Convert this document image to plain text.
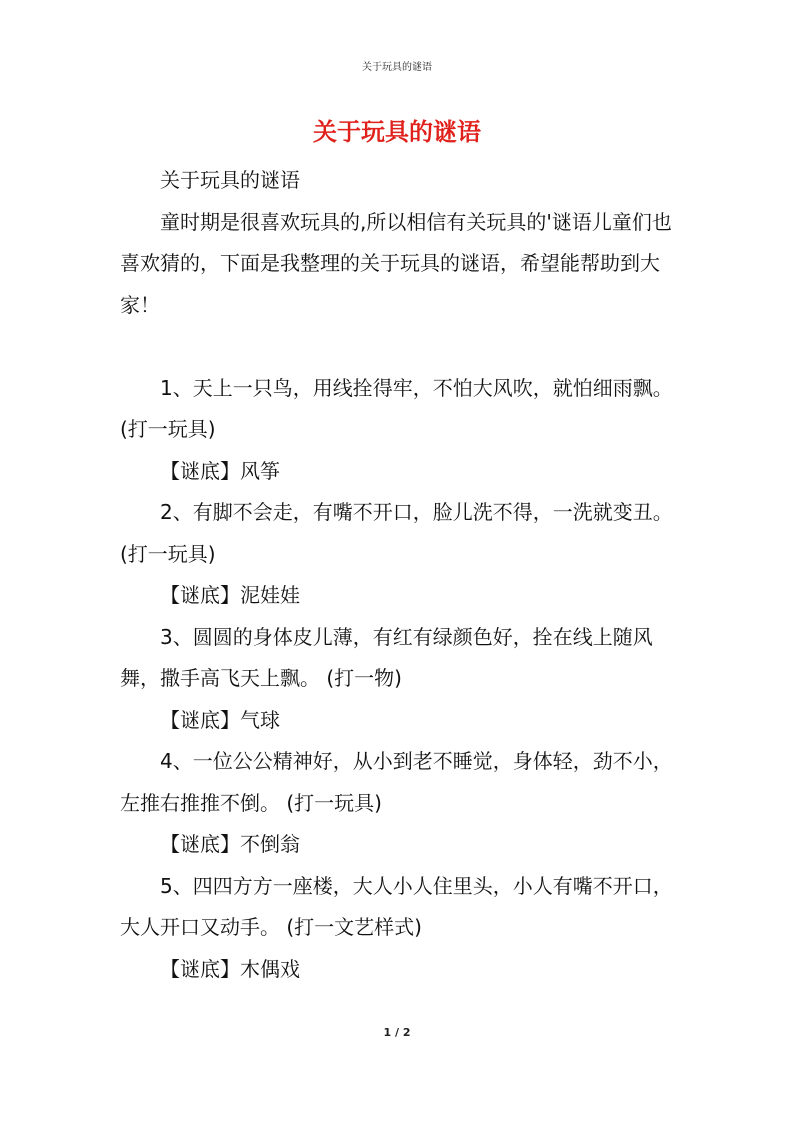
关于玩具的谜语
关于玩具的谜语

关于玩具的谜语

童时期是很喜欢玩具的,所以相信有关玩具的'谜语儿童们也喜欢猜的，下面是我整理的关于玩具的谜语，希望能帮助到大家！

1、天上一只鸟，用线拴得牢，不怕大风吹，就怕细雨飘。(打一玩具)

【谜底】风筝

2、有脚不会走，有嘴不开口，脸儿洗不得，一洗就变丑。(打一玩具)

【谜底】泥娃娃

3、圆圆的身体皮儿薄，有红有绿颜色好，拴在线上随风舞，撒手高飞天上飘。 (打一物)

【谜底】气球

4、一位公公精神好，从小到老不睡觉，身体轻，劲不小，左推右推推不倒。 (打一玩具)

【谜底】不倒翁

5、四四方方一座楼，大人小人住里头，小人有嘴不开口，大人开口又动手。 (打一文艺样式)

【谜底】木偶戏

1 / 2
